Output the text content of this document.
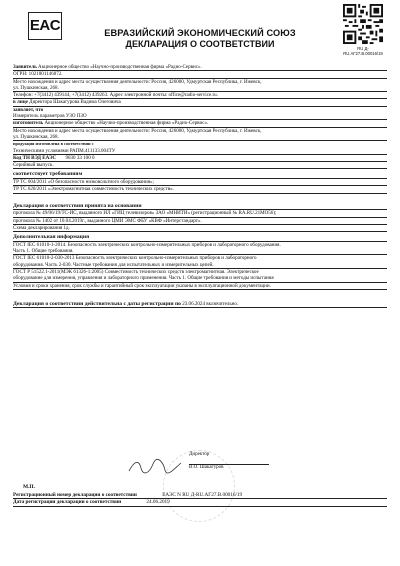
EAC	ЕВРАЗИЙСКИЙ ЭКОНОМИЧЕСКИЙ СОЮЗ
ДЕКЛАРАЦИЯ О СООТВЕТСТВИИ	RU Д-RU.АГ27.В.00016/19
Заявитель Акционерное общество «Научно-производственная фирма «Радио-Сервис».
ОГРН: 1021801146872.
Место нахождения и адрес места осуществления деятельности: Россия, 426000, Удмуртская Республика, г. Ижевск,
ул. Пушкинская, 268.
Телефон: +7(3412) 439144, +7(3412) 439263. Адрес электронной почты: office@radio-service.ru.
в лице Директора Шакагурова Вадима Олеговича
заявляет, что
Измеритель параметров УЗО ПЗО
изготовитель Акционерное общество «Научно-производственная фирма «Радио-Сервис».
Место нахождения и адрес места осуществления деятельности: Россия, 426000, Удмуртская Республика, г. Ижевск,
ул. Пушкинская, 268.
продукция изготовлена в соответствии с
Техническими условиями РАПМ.411133.004ТУ
Код ТН ВЭД ЕАЭС 9030 33 100 0
Серийный выпуск.
соответствует требованиям
ТР ТС 004/2011 «О безопасности низковольтного оборудования»;
ТР ТС 020/2011 «Электромагнитная совместимость технических средств».
Декларация о соответствии принята на основании
протокола № 49/06/19/ТС-ИС, выданного ИЛ «ГИЦ телевизоров» ЗАО «МНИТИ» (регистрационный № RA.RU.21МО56);
протокола № 1402 от 10.04.2019г., выданного ЦМИ ЭМС ФБУ «КВФ «Интерстандарт».
Схема декларирования 1д.
Дополнительная информация
ГОСТ IEC 61010-1-2014. Безопасность электрических контрольно-измерительных приборов и лабораторного оборудования.
Часть 1. Общие требования.
ГОСТ IEC 61010-2-030-2013 Безопасность электрических контрольно-измерительных приборов и лабораторного
оборудования. Часть 2-030. Частные требования для испытательных и измерительных цепей.
ГОСТ Р 51522.1-2011(МЭК 61326-1:2005) Совместимость технических средств электромагнитная. Электрическое
оборудование для измерения, управления и лабораторного применения. Часть 1. Общие требования и методы испытания
Условия и сроки хранения, срок службы и гарантийный срок эксплуатации указаны в эксплуатационной документации.
Декларация о соответствии действительна с даты регистрации по 23.06.2024 включительно.
Директор
В.О. Шакагуров
М.П.
Регистрационный номер декларации о соответствии	ЕАЭС N RU Д-RU.АГ27.В.00016/19
Дата регистрации декларации о соответствии	24.06.2019
